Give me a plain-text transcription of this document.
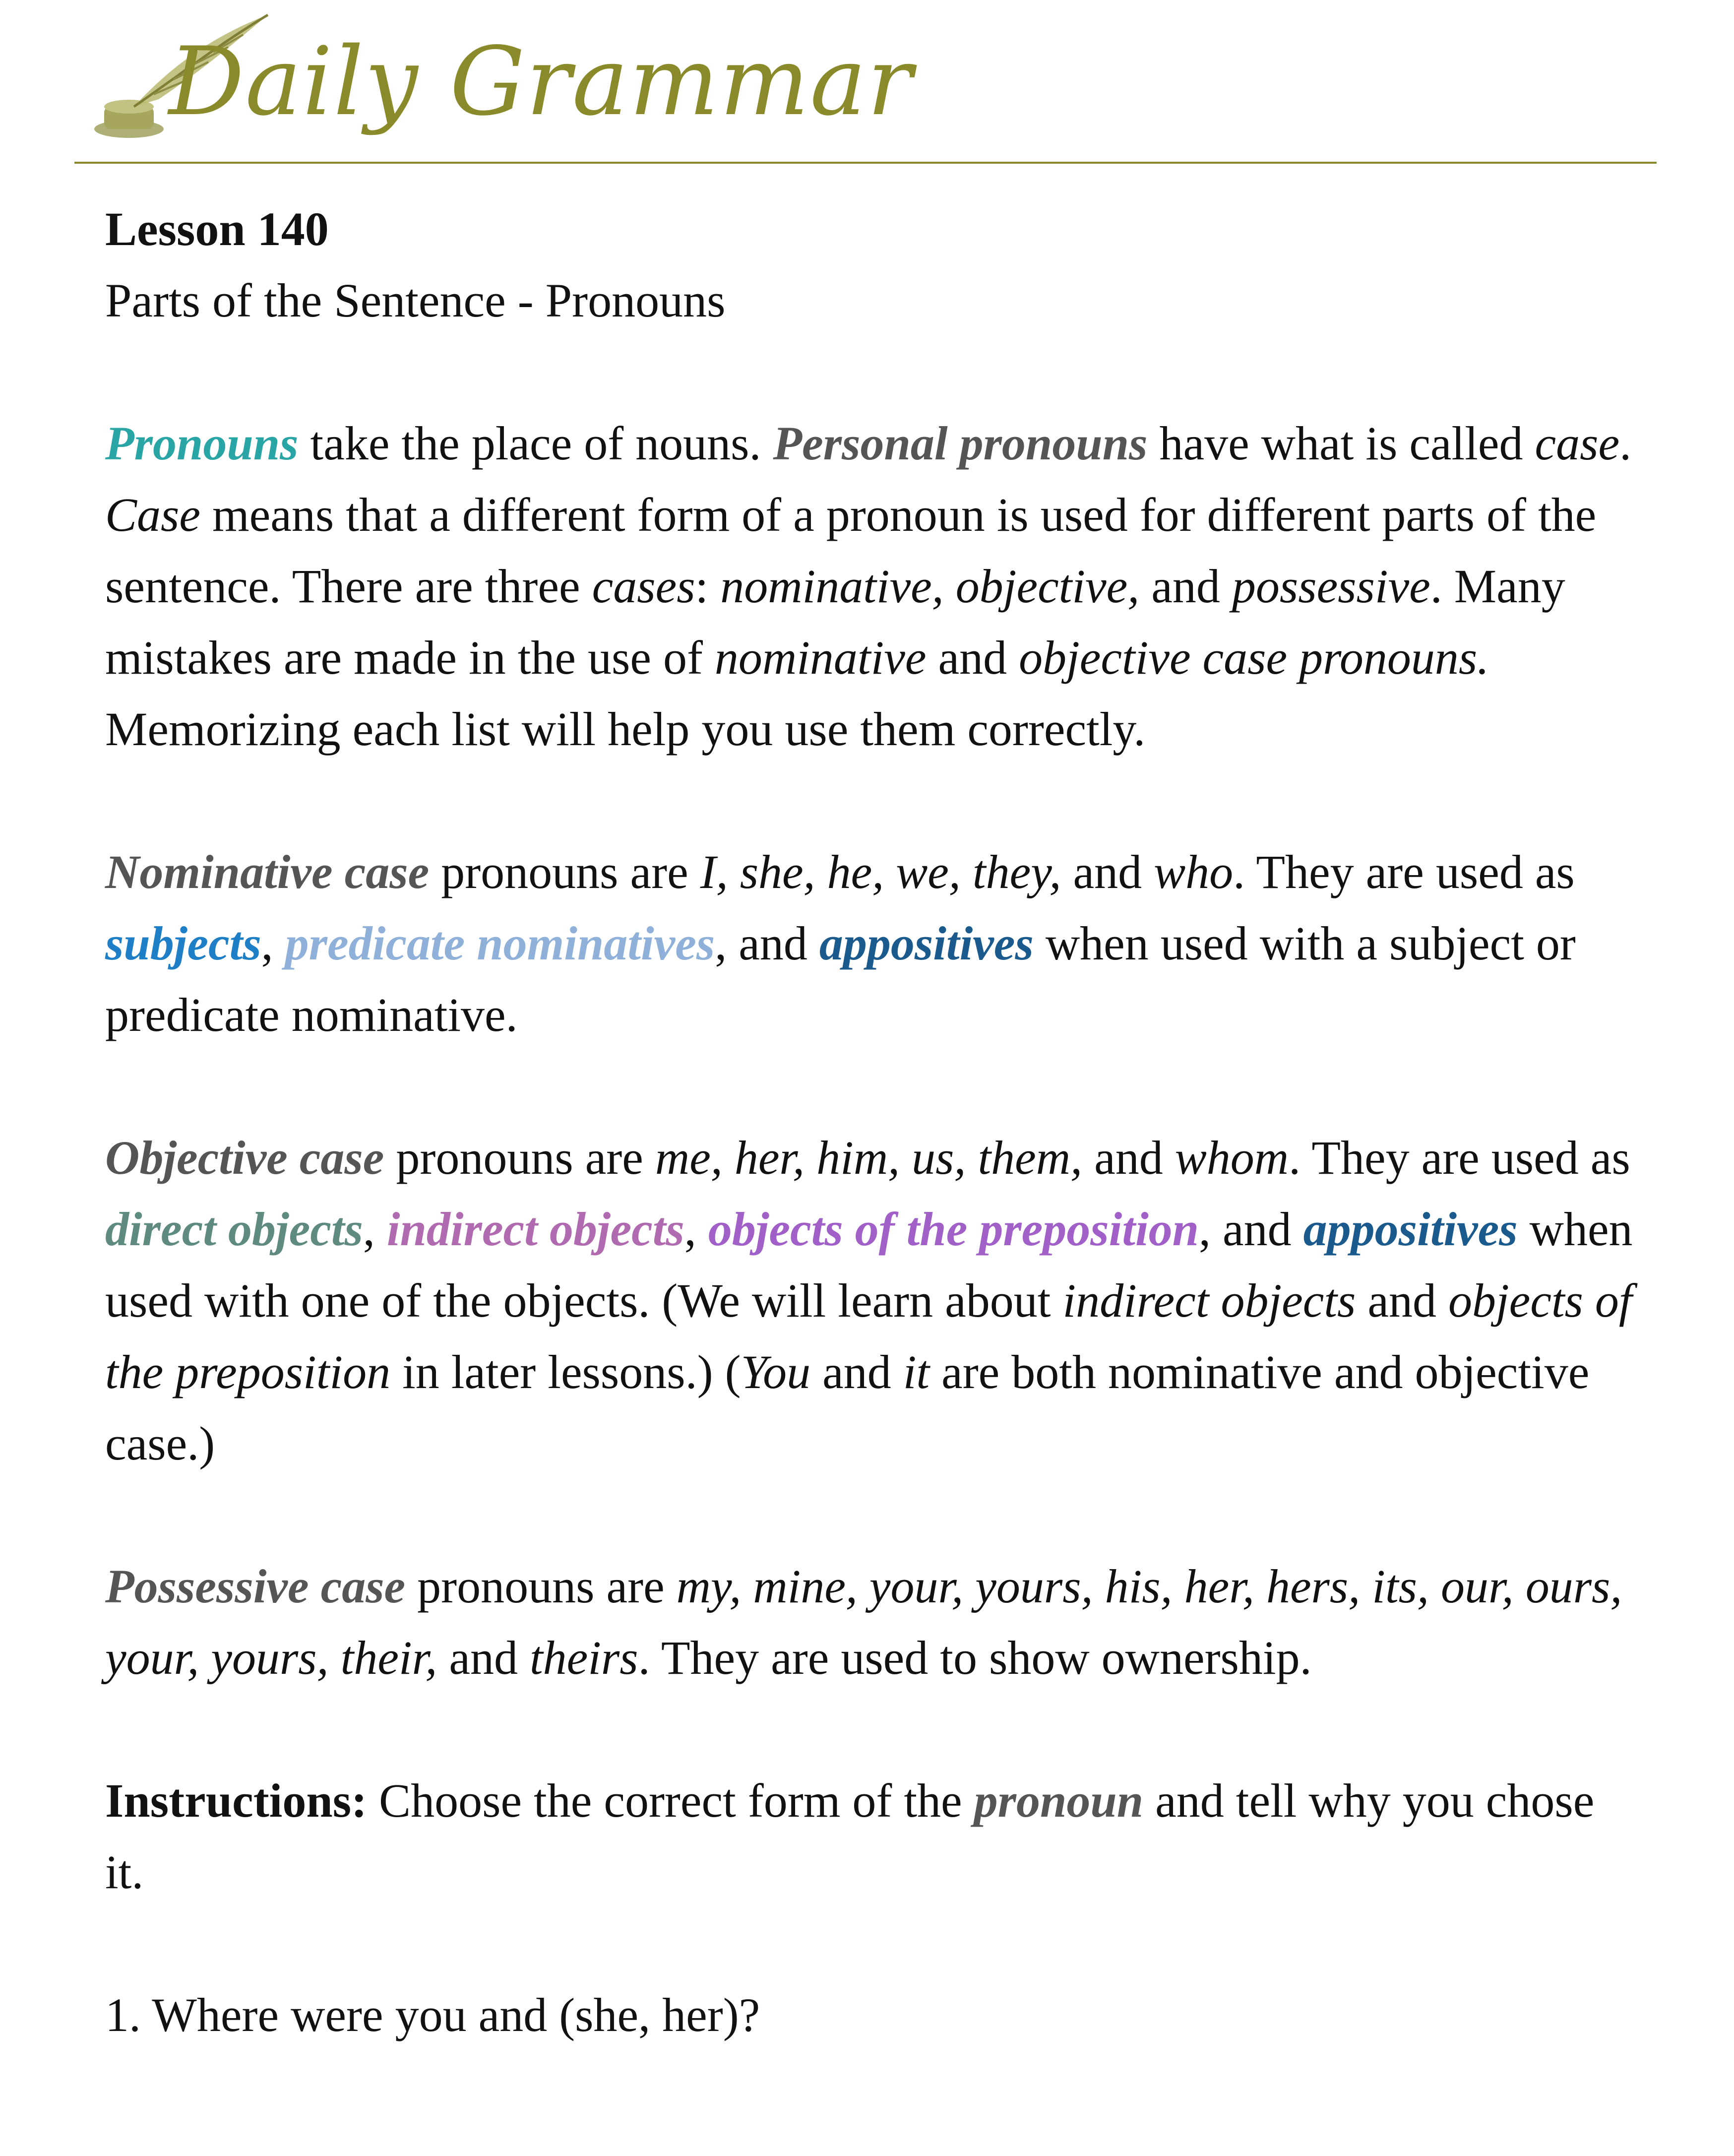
Daily Grammar
Lesson 140
Parts of the Sentence - Pronouns

Pronouns take the place of nouns. Personal pronouns have what is called case. Case means that a different form of a pronoun is used for different parts of the sentence. There are three cases: nominative, objective, and possessive. Many mistakes are made in the use of nominative and objective case pronouns. Memorizing each list will help you use them correctly.

Nominative case pronouns are I, she, he, we, they, and who. They are used as subjects, predicate nominatives, and appositives when used with a subject or predicate nominative.

Objective case pronouns are me, her, him, us, them, and whom. They are used as direct objects, indirect objects, objects of the preposition, and appositives when used with one of the objects. (We will learn about indirect objects and objects of the preposition in later lessons.) (You and it are both nominative and objective case.)

Possessive case pronouns are my, mine, your, yours, his, her, hers, its, our, ours, your, yours, their, and theirs. They are used to show ownership.

Instructions: Choose the correct form of the pronoun and tell why you chose it.

1. Where were you and (she, her)?
